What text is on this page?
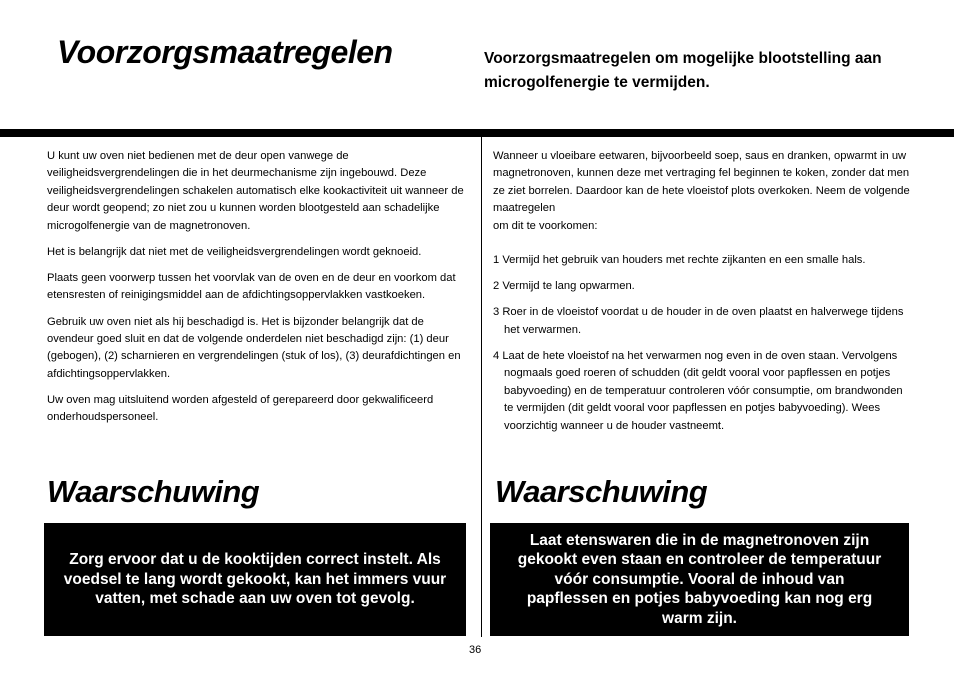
Voorzorgsmaatregelen	Voorzorgsmaatregelen om mogelijke blootstelling aan microgolfenergie te vermijden.

U kunt uw oven niet bedienen met de deur open vanwege de veiligheidsvergrendelingen die in het deurmechanisme zijn ingebouwd. Deze veiligheidsvergrendelingen schakelen automatisch elke kookactiviteit uit wanneer de deur wordt geopend; zo niet zou u kunnen worden blootgesteld aan schadelijke microgolfenergie van de magnetronoven.

Het is belangrijk dat niet met de veiligheidsvergrendelingen wordt geknoeid.

Plaats geen voorwerp tussen het voorvlak van de oven en de deur en voorkom dat etensresten of reinigingsmiddel aan de afdichtingsoppervlakken vastkoeken.

Gebruik uw oven niet als hij beschadigd is. Het is bijzonder belangrijk dat de ovendeur goed sluit en dat de volgende onderdelen niet beschadigd zijn: (1) deur (gebogen), (2) scharnieren en vergrendelingen (stuk of los), (3) deurafdichtingen en afdichtingsoppervlakken.

Uw oven mag uitsluitend worden afgesteld of gerepareerd door gekwalificeerd onderhoudspersoneel.

Wanneer u vloeibare eetwaren, bijvoorbeeld soep, saus en dranken, opwarmt in uw magnetronoven, kunnen deze met vertraging fel beginnen te koken, zonder dat men ze ziet borrelen. Daardoor kan de hete vloeistof plots overkoken. Neem de volgende maatregelen
om dit te voorkomen:

1 Vermijd het gebruik van houders met rechte zijkanten en een smalle hals.
2 Vermijd te lang opwarmen.
3 Roer in de vloeistof voordat u de houder in de oven plaatst en halverwege tijdens het verwarmen.
4 Laat de hete vloeistof na het verwarmen nog even in de oven staan. Vervolgens nogmaals goed roeren of schudden (dit geldt vooral voor papflessen en potjes babyvoeding) en de temperatuur controleren vóór consumptie, om brandwonden te vermijden (dit geldt vooral voor papflessen en potjes babyvoeding). Wees voorzichtig wanneer u de houder vastneemt.
Waarschuwing
Zorg ervoor dat u de kooktijden correct instelt. Als voedsel te lang wordt gekookt, kan het immers vuur vatten, met schade aan uw oven tot gevolg.
Waarschuwing
Laat etenswaren die in de magnetronoven zijn gekookt even staan en controleer de temperatuur vóór consumptie. Vooral de inhoud van papflessen en potjes babyvoeding kan nog erg warm zijn.
36
